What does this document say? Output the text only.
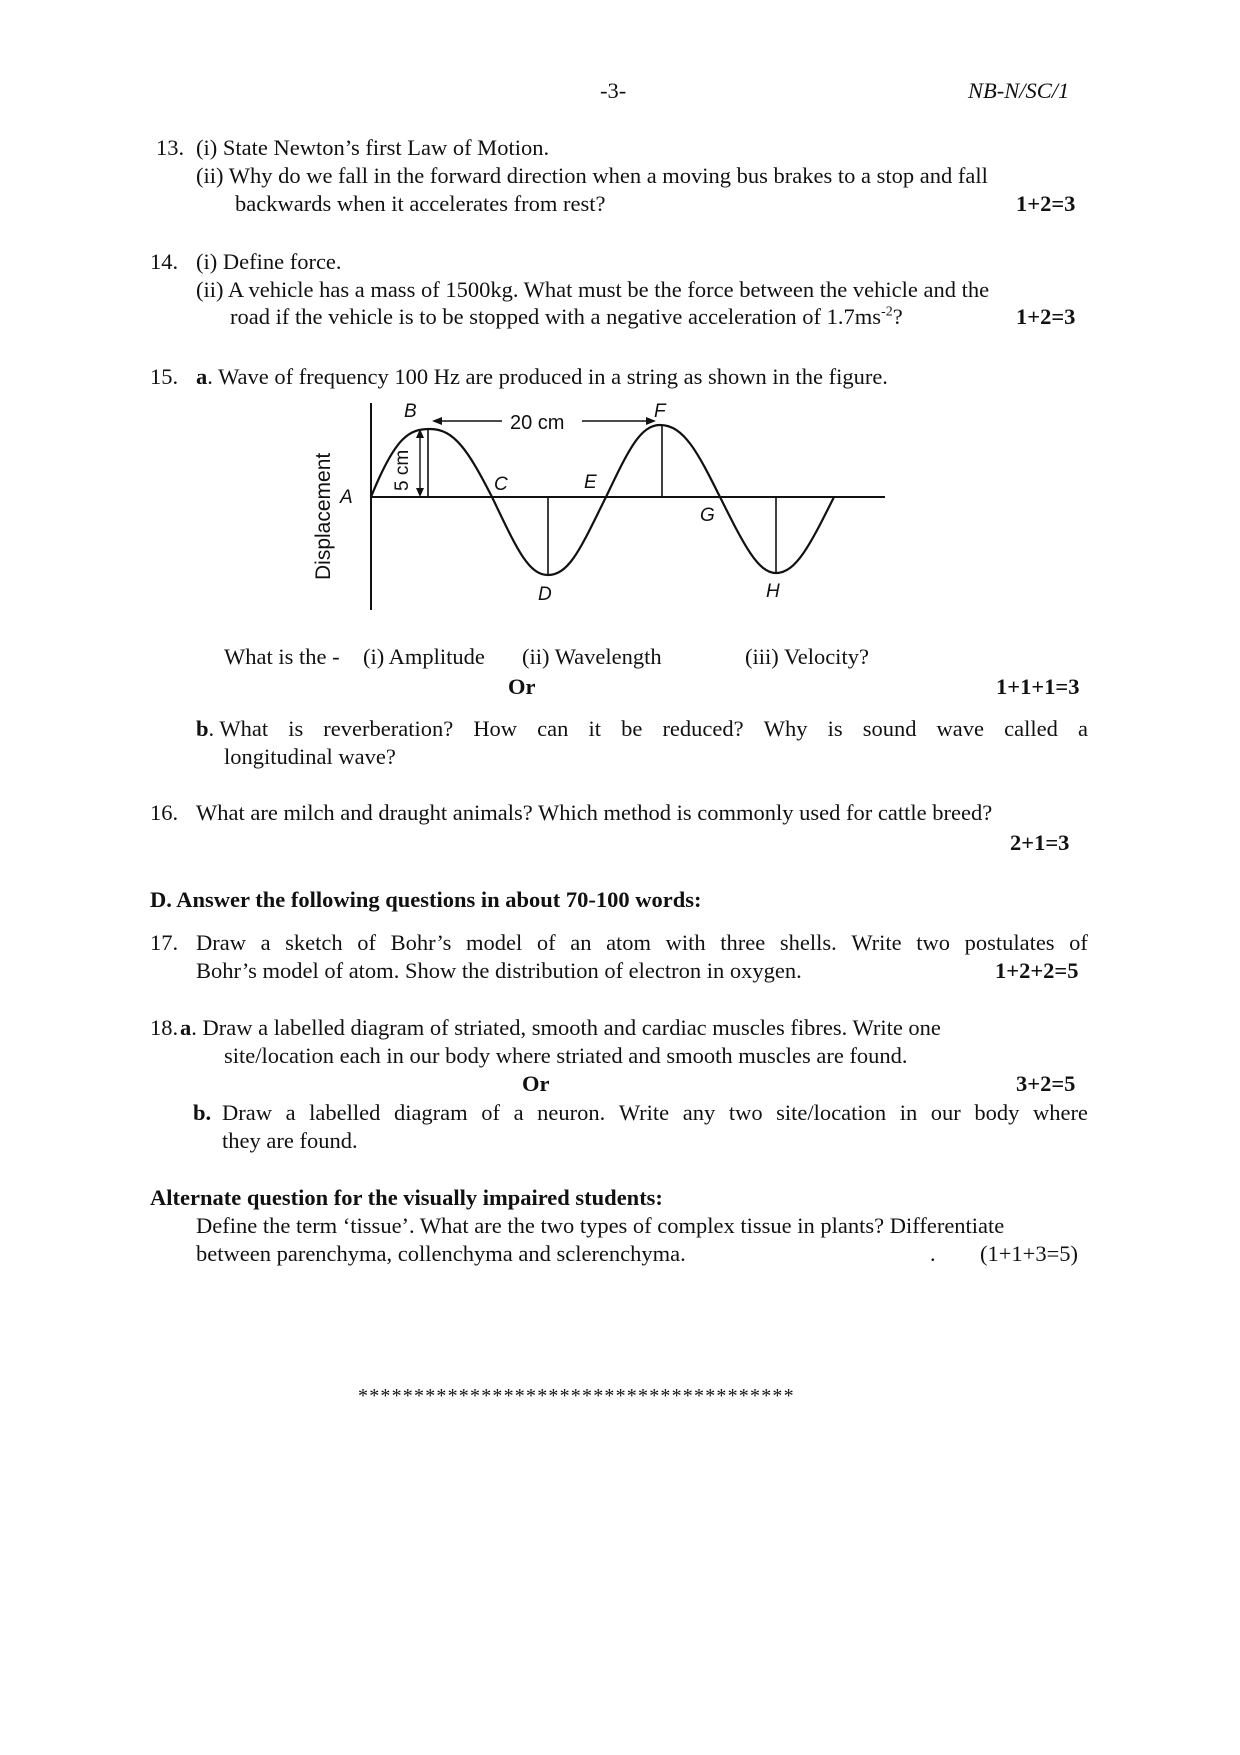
-3-	NB-N/SC/1
13. (i) State Newton’s first Law of Motion.
(ii) Why do we fall in the forward direction when a moving bus brakes to a stop and fall
backwards when it accelerates from rest?	1+2=3
14. (i) Define force.
(ii) A vehicle has a mass of 1500kg. What must be the force between the vehicle and the
road if the vehicle is to be stopped with a negative acceleration of $1.7ms^{-2}$?	1+2=3
15. a. Wave of frequency 100 Hz are produced in a string as shown in the figure.
20 cm
5 cm
Displacement A
B
C
D
E
F
G
H
What is the - (i) Amplitude (ii) Wavelength	(iii) Velocity?
Or	1+1+1=3
b. What is reverberation? How can it be reduced? Why is sound wave called a
longitudinal wave?
16. What are milch and draught animals? Which method is commonly used for cattle breed?
2+1=3
D. Answer the following questions in about 70-100 words:
17. Draw a sketch of Bohr’s model of an atom with three shells. Write two postulates of
Bohr’s model of atom. Show the distribution of electron in oxygen.	1+2+2=5
18. a. Draw a labelled diagram of striated, smooth and cardiac muscles fibres. Write one
site/location each in our body where striated and smooth muscles are found.
Or	3+2=5
b. Draw a labelled diagram of a neuron. Write any two site/location in our body where
they are found.
Alternate question for the visually impaired students:
Define the term ‘tissue’. What are the two types of complex tissue in plants? Differentiate
between parenchyma, collenchyma and sclerenchyma.	. (1+1+3=5)
***************************************
